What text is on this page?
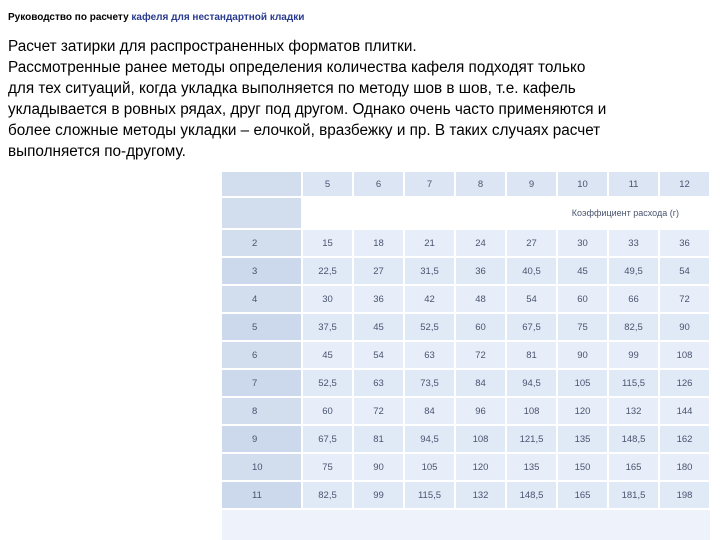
Руководство по расчету кафеля для нестандартной кладки
Расчет затирки для распространенных форматов плитки.
Рассмотренные ранее методы определения количества кафеля подходят только
для тех ситуаций, когда укладка выполняется по методу шов в шов, т.е. кафель
укладывается в ровных рядах, друг под другом. Однако очень часто применяются и
более сложные методы укладки – елочкой, вразбежку и пр. В таких случаях расчет
выполняется по-другому.
	5	6	7	8	9	10	11	12
	Коэффициент расхода (г)							
2	15	18	21	24	27	30	33	36
3	22,5	27	31,5	36	40,5	45	49,5	54
4	30	36	42	48	54	60	66	72
5	37,5	45	52,5	60	67,5	75	82,5	90
6	45	54	63	72	81	90	99	108
7	52,5	63	73,5	84	94,5	105	115,5	126
8	60	72	84	96	108	120	132	144
9	67,5	81	94,5	108	121,5	135	148,5	162
10	75	90	105	120	135	150	165	180
11	82,5	99	115,5	132	148,5	165	181,5	198
